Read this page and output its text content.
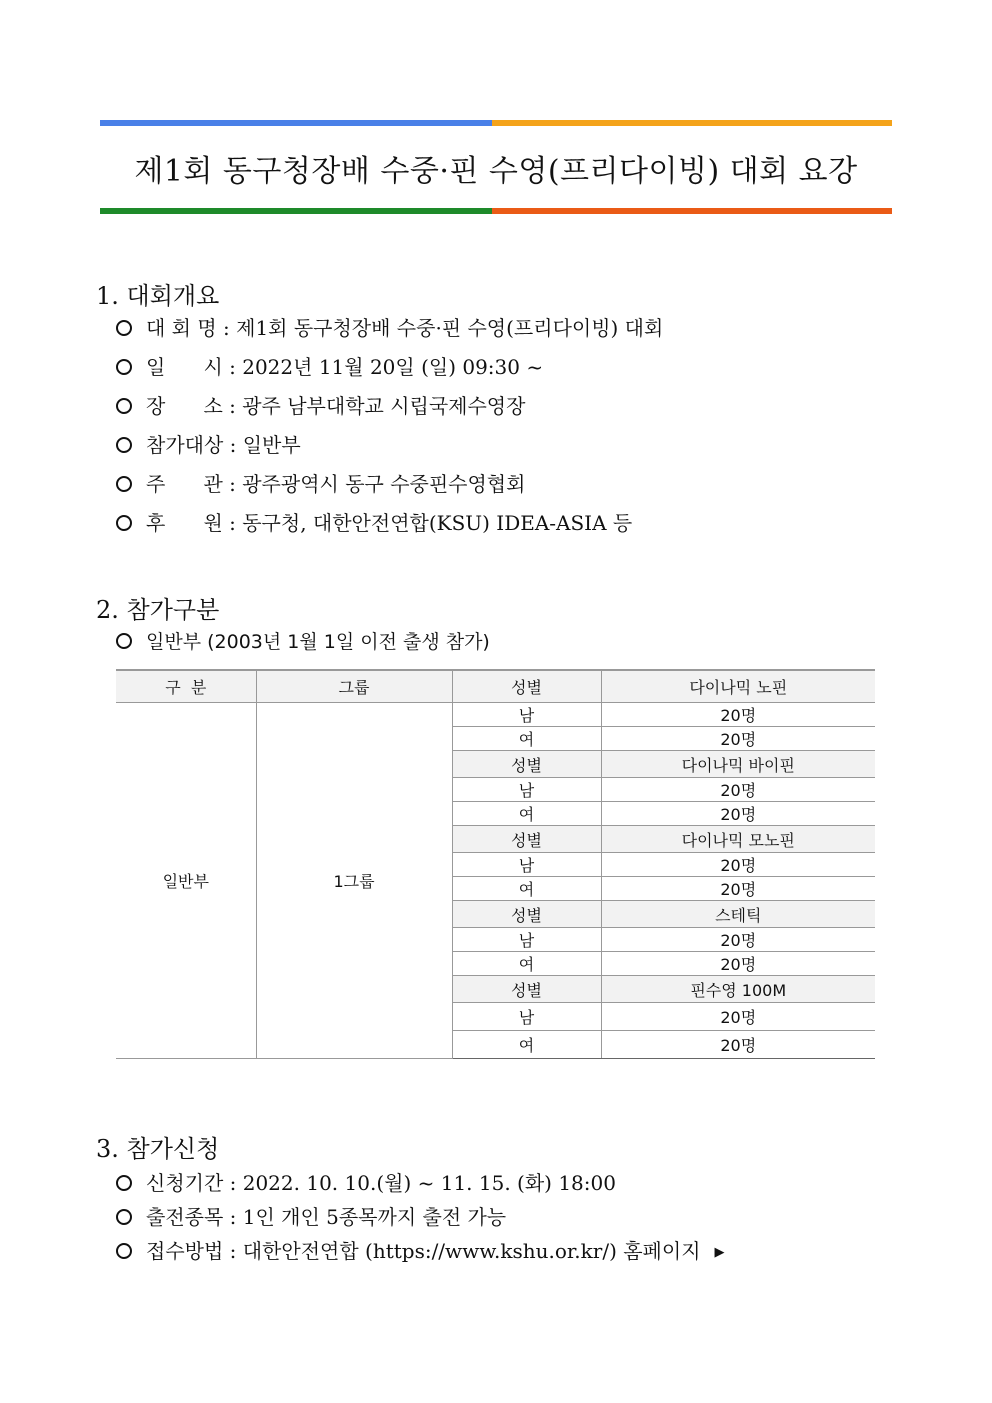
제1회 동구청장배 수중·핀 수영(프리다이빙) 대회 요강
1. 대회개요
대 회 명 : 제1회 동구청장배 수중·핀 수영(프리다이빙) 대회
일      시 : 2022년 11월 20일 (일) 09:30 ~
장      소 : 광주 남부대학교 시립국제수영장
참가대상 : 일반부
주      관 : 광주광역시 동구 수중핀수영협회
후      원 : 동구청, 대한안전연합(KSU) IDEA-ASIA 등
2. 참가구분
일반부 (2003년 1월 1일 이전 출생 참가)
구  분	그룹	성별	다이나믹 노핀
일반부	1그룹	남	20명
		여	20명
		성별	다이나믹 바이핀
		남	20명
		여	20명
		성별	다이나믹 모노핀
		남	20명
		여	20명
		성별	스테틱
		남	20명
		여	20명
		성별	핀수영 100M
		남	20명
		여	20명
3. 참가신청
신청기간 : 2022. 10. 10.(월) ~ 11. 15. (화) 18:00
출전종목 : 1인 개인 5종목까지 출전 가능
접수방법 : 대한안전연합 (https://www.kshu.or.kr/) 홈페이지 ▶
